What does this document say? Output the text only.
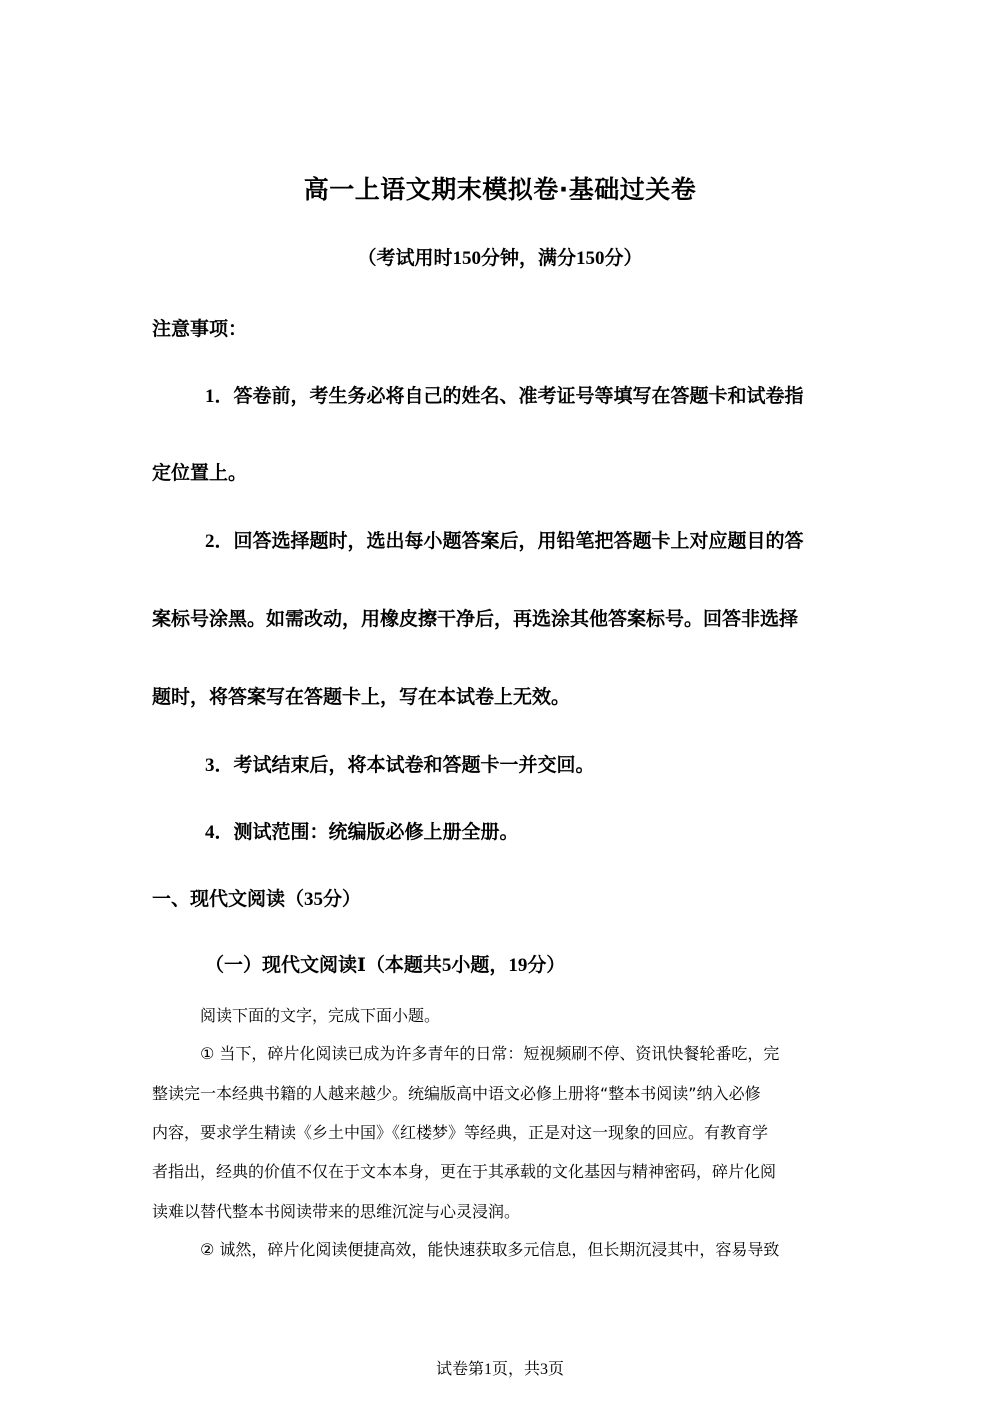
高一上语文期末模拟卷·基础过关卷
（考试用时150分钟，满分150分）
注意事项：
1．答卷前，考生务必将自己的姓名、准考证号等填写在答题卡和试卷指
定位置上。
2．回答选择题时，选出每小题答案后，用铅笔把答题卡上对应题目的答
案标号涂黑。如需改动，用橡皮擦干净后，再选涂其他答案标号。回答非选择
题时，将答案写在答题卡上，写在本试卷上无效。
3．考试结束后，将本试卷和答题卡一并交回。
4．测试范围：统编版必修上册全册。
一、现代文阅读（35分）
（一）现代文阅读Ⅰ（本题共5小题，19分）
阅读下面的文字，完成下面小题。
① 当下，碎片化阅读已成为许多青年的日常：短视频刷不停、资讯快餐轮番吃，完
整读完一本经典书籍的人越来越少。统编版高中语文必修上册将“整本书阅读”纳入必修
内容，要求学生精读《乡土中国》《红楼梦》等经典，正是对这一现象的回应。有教育学
者指出，经典的价值不仅在于文本本身，更在于其承载的文化基因与精神密码，碎片化阅
读难以替代整本书阅读带来的思维沉淀与心灵浸润。
② 诚然，碎片化阅读便捷高效，能快速获取多元信息，但长期沉浸其中，容易导致
试卷第1页，共3页
